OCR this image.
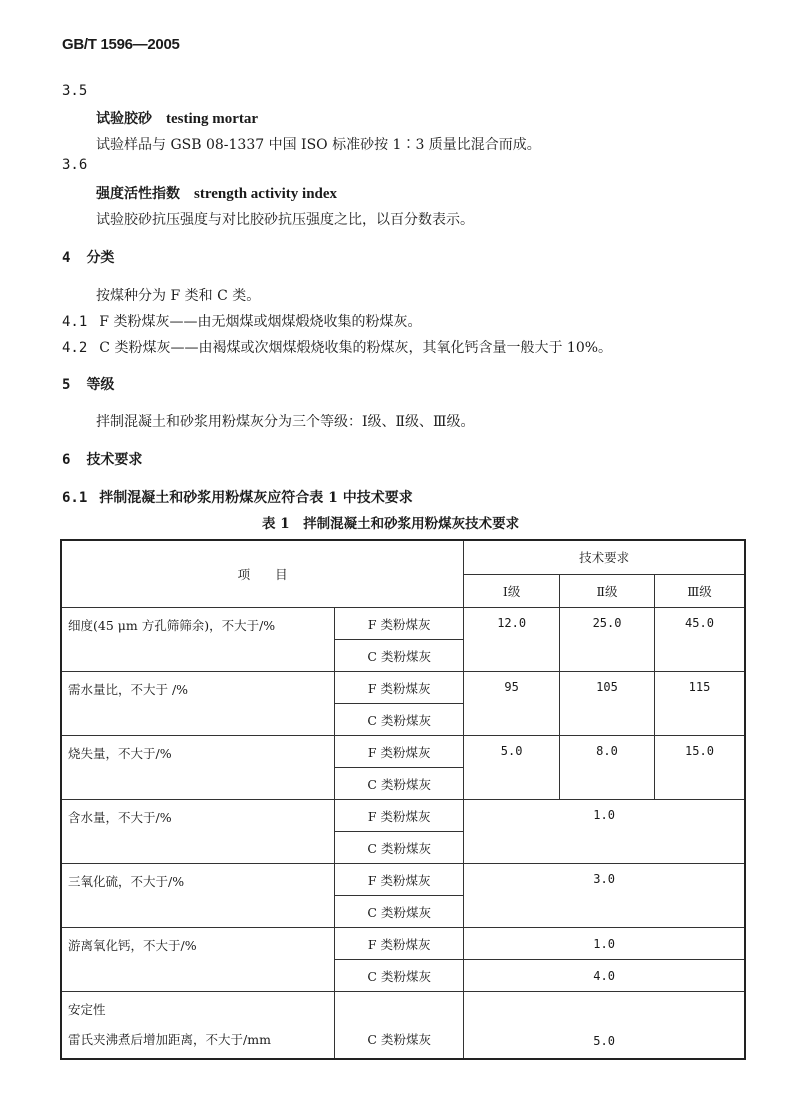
GB/T 1596—2005
3.5
试验胶砂 testing mortar
试验样品与 GSB 08-1337 中国 ISO 标准砂按 1∶3 质量比混合而成。
3.6
强度活性指数 strength activity index
试验胶砂抗压强度与对比胶砂抗压强度之比，以百分数表示。
4 分类
按煤种分为 F 类和 C 类。
4.1 F 类粉煤灰——由无烟煤或烟煤煅烧收集的粉煤灰。
4.2 C 类粉煤灰——由褐煤或次烟煤煅烧收集的粉煤灰，其氧化钙含量一般大于 10%。
5 等级
拌制混凝土和砂浆用粉煤灰分为三个等级：Ⅰ级、Ⅱ级、Ⅲ级。
6 技术要求
6.1 拌制混凝土和砂浆用粉煤灰应符合表 1 中技术要求
表 1　拌制混凝土和砂浆用粉煤灰技术要求
项　　目		技术要求		
		Ⅰ级	Ⅱ级	Ⅲ级
细度(45 μm 方孔筛筛余)，不大于/%	F 类粉煤灰	12.0	25.0	45.0
	C 类粉煤灰			
需水量比，不大于 /%	F 类粉煤灰	95	105	115
	C 类粉煤灰			
烧失量，不大于/%	F 类粉煤灰	5.0	8.0	15.0
	C 类粉煤灰			
含水量，不大于/%	F 类粉煤灰	1.0		
	C 类粉煤灰			
三氧化硫，不大于/%	F 类粉煤灰	3.0		
	C 类粉煤灰			
游离氧化钙，不大于/%	F 类粉煤灰	1.0		
	C 类粉煤灰	4.0		

安定性
雷氏夹沸煮后增加距离，不大于/mm	C 类粉煤灰	5.0		
